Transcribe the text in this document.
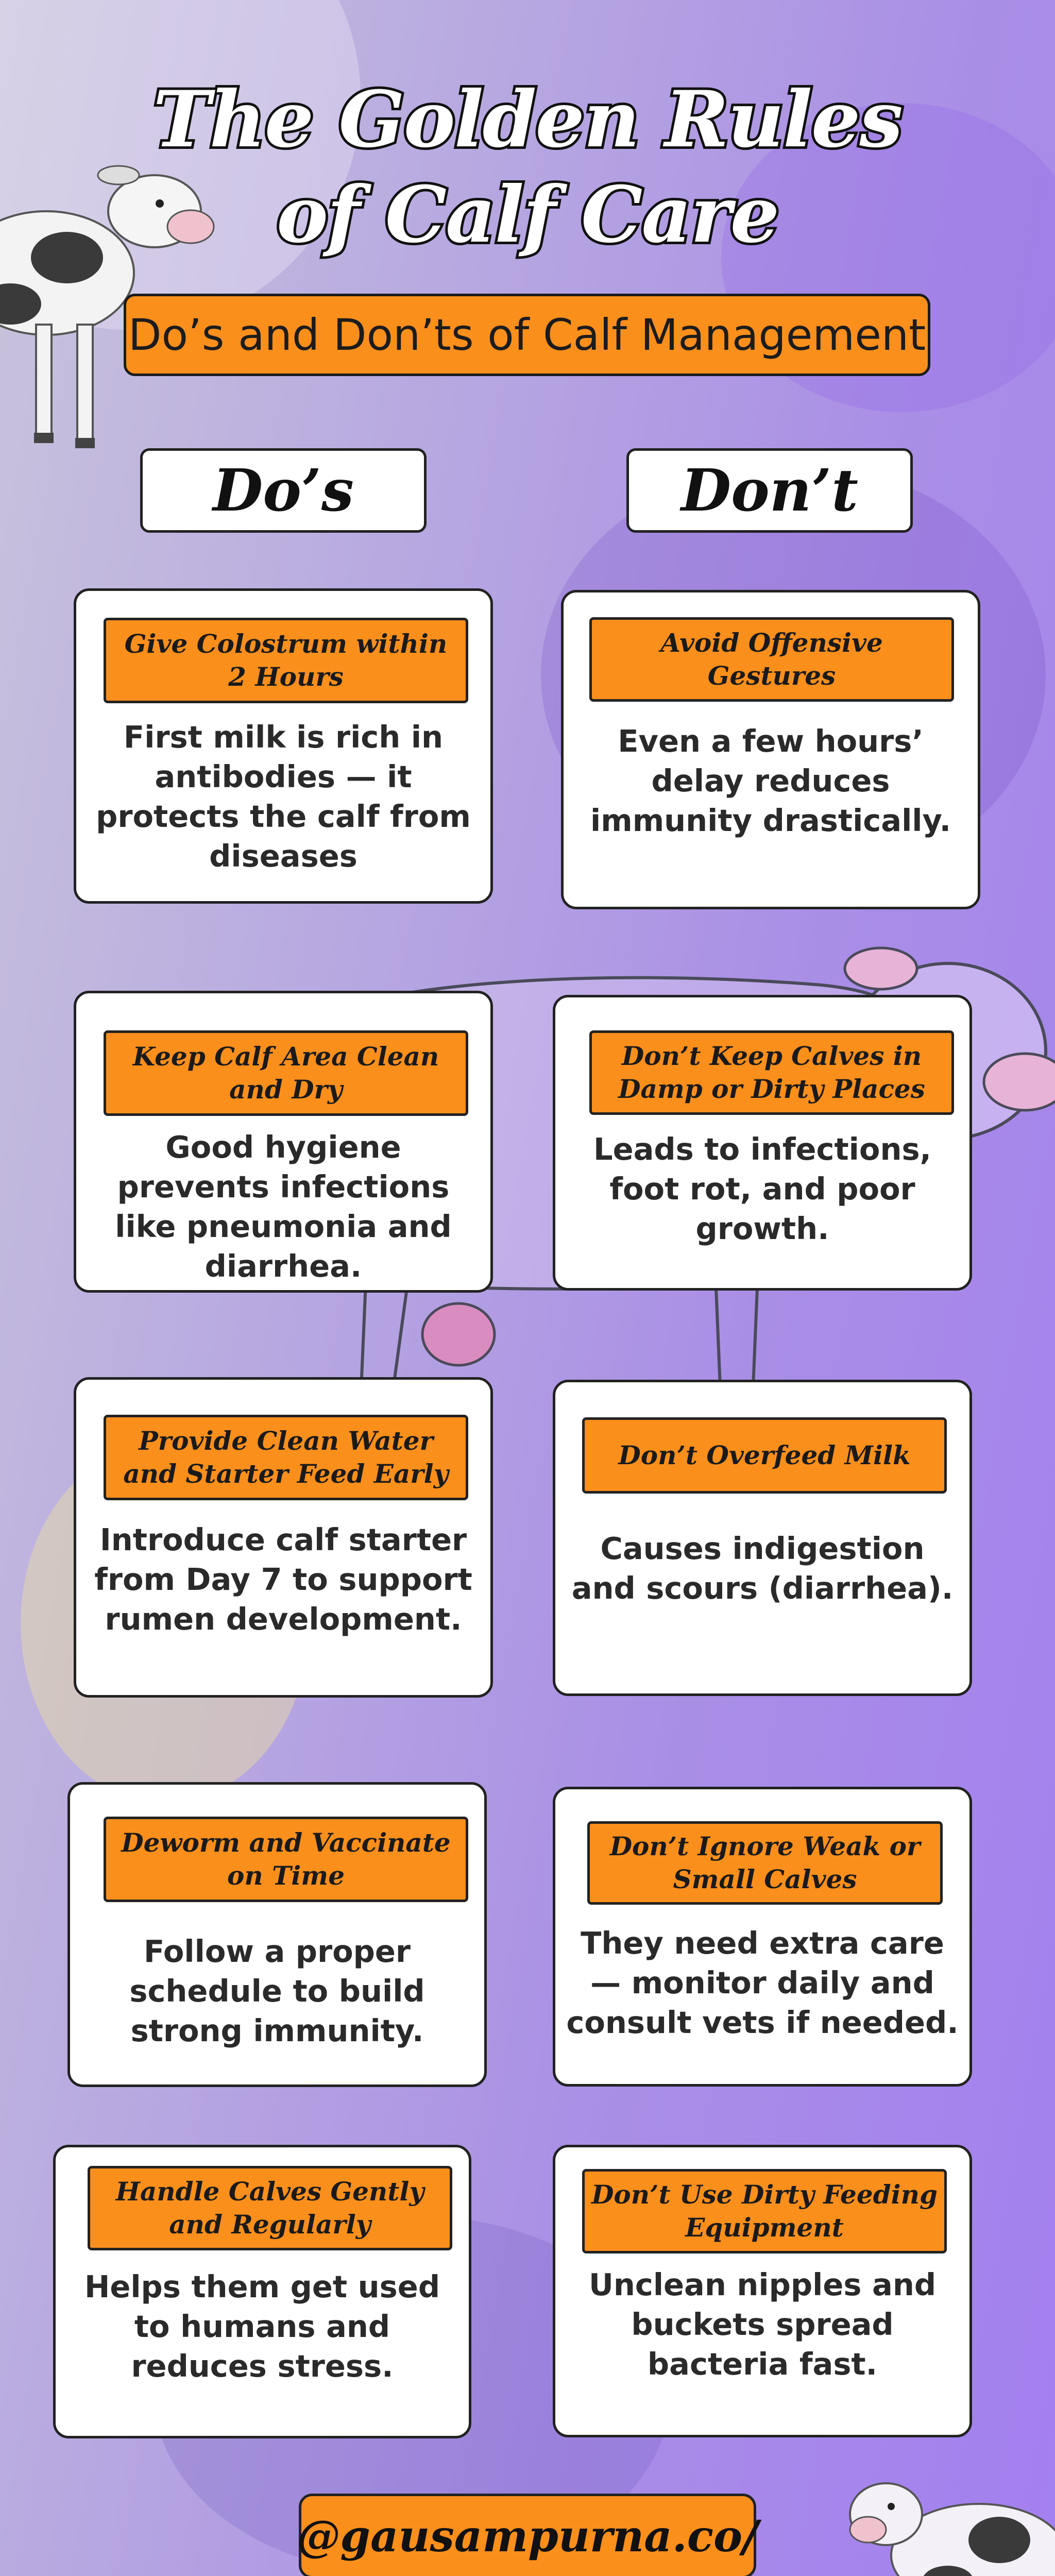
The Golden Rules
of Calf Care
Do’s and Don’ts of Calf Management
Do’s	Don’t
Give Colostrum within 2 Hours
First milk is rich in antibodies — it protects the calf from diseases
Keep Calf Area Clean and Dry
Good hygiene prevents infections like pneumonia and diarrhea.
Provide Clean Water and Starter Feed Early
Introduce calf starter from Day 7 to support rumen development.
Deworm and Vaccinate on Time
Follow a proper schedule to build strong immunity.
Handle Calves Gently and Regularly
Helps them get used to humans and reduces stress.
Avoid Offensive Gestures
Even a few hours’ delay reduces immunity drastically.
Don’t Keep Calves in Damp or Dirty Places
Leads to infections, foot rot, and poor growth.
Don’t Overfeed Milk
Causes indigestion and scours (diarrhea).
Don’t Ignore Weak or Small Calves
They need extra care — monitor daily and consult vets if needed.
Don’t Use Dirty Feeding Equipment
Unclean nipples and buckets spread bacteria fast.
@gausampurna.co/
